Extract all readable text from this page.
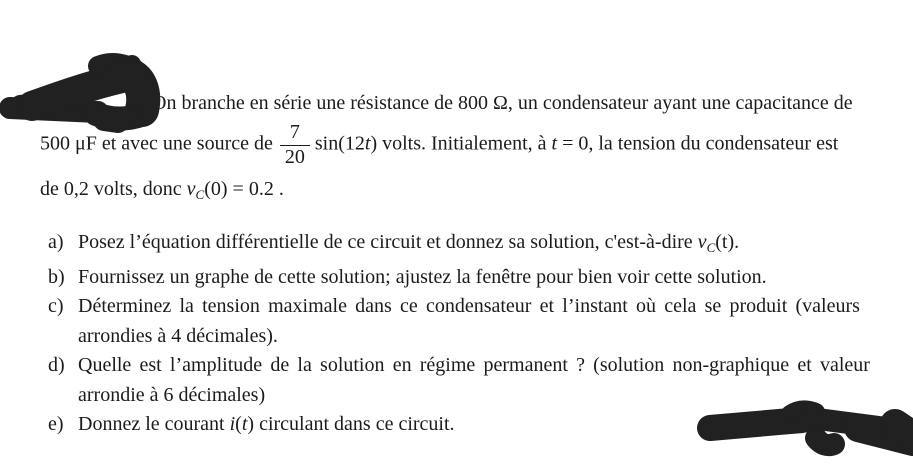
On branche en série une résistance de 800 Ω, un condensateur ayant une capacitance de
500 μF et avec une source de $\frac{7}{20} \sin(12t)$ volts. Initialement, à t = 0, la tension du condensateur est
de 0,2 volts, donc $v_C(0) = 0.2$ .
a) Posez l’équation différentielle de ce circuit et donnez sa solution, c'est-à-dire $v_C(t)$.
b) Fournissez un graphe de cette solution; ajustez la fenêtre pour bien voir cette solution.
c) Déterminez la tension maximale dans ce condensateur et l’instant où cela se produit (valeurs
arrondies à 4 décimales).
d) Quelle est l’amplitude de la solution en régime permanent ? (solution non-graphique et valeur
arrondie à 6 décimales)
e) Donnez le courant i(t) circulant dans ce circuit.
